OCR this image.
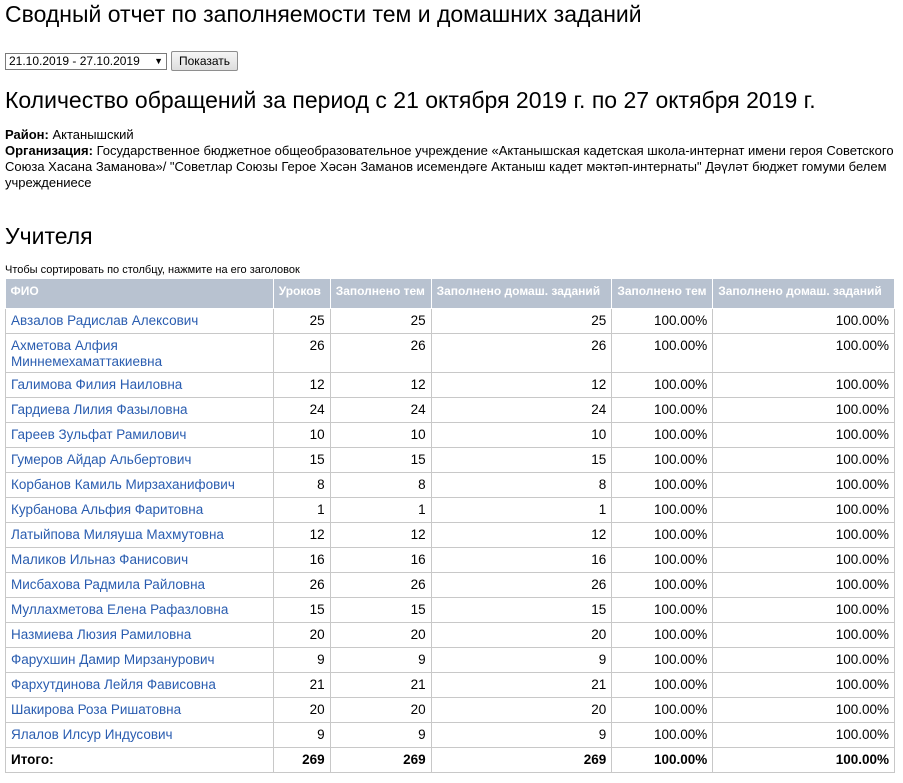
Сводный отчет по заполняемости тем и домашних заданий
21.10.2019 - 27.10.2019 ▼	Показать
Количество обращений за период с 21 октября 2019 г. по 27 октября 2019 г.
Район: Актанышский
Организация: Государственное бюджетное общеобразовательное учреждение «Актанышская кадетская школа-интернат имени героя Советского Союза Хасана Заманова»/ "Советлар Союзы Герое Хәсән Заманов исемендәге Актаныш кадет мәктәп-интернаты" Дәүләт бюджет гомуми белем учреждениесе
Учителя
Чтобы сортировать по столбцу, нажмите на его заголовок
ФИО	Уроков	Заполнено тем	Заполнено домаш. заданий	Заполнено тем	Заполнено домаш. заданий
Авзалов Радислав Алексович	25	25	25	100.00%	100.00%
Ахметова Алфия Миннемехаматтакиевна	26	26	26	100.00%	100.00%
Галимова Филия Наиловна	12	12	12	100.00%	100.00%
Гардиева Лилия Фазыловна	24	24	24	100.00%	100.00%
Гареев Зульфат Рамилович	10	10	10	100.00%	100.00%
Гумеров Айдар Альбертович	15	15	15	100.00%	100.00%
Корбанов Камиль Мирзаханифович	8	8	8	100.00%	100.00%
Курбанова Альфия Фаритовна	1	1	1	100.00%	100.00%
Латыйпова Миляуша Махмутовна	12	12	12	100.00%	100.00%
Маликов Ильназ Фанисович	16	16	16	100.00%	100.00%
Мисбахова Радмила Райловна	26	26	26	100.00%	100.00%
Муллахметова Елена Рафазловна	15	15	15	100.00%	100.00%
Назмиева Люзия Рамиловна	20	20	20	100.00%	100.00%
Фарухшин Дамир Мирзанурович	9	9	9	100.00%	100.00%
Фархутдинова Лейля Фависовна	21	21	21	100.00%	100.00%
Шакирова Роза Ришатовна	20	20	20	100.00%	100.00%
Ялалов Илсур Индусович	9	9	9	100.00%	100.00%
Итого:	269	269	269	100.00%	100.00%
